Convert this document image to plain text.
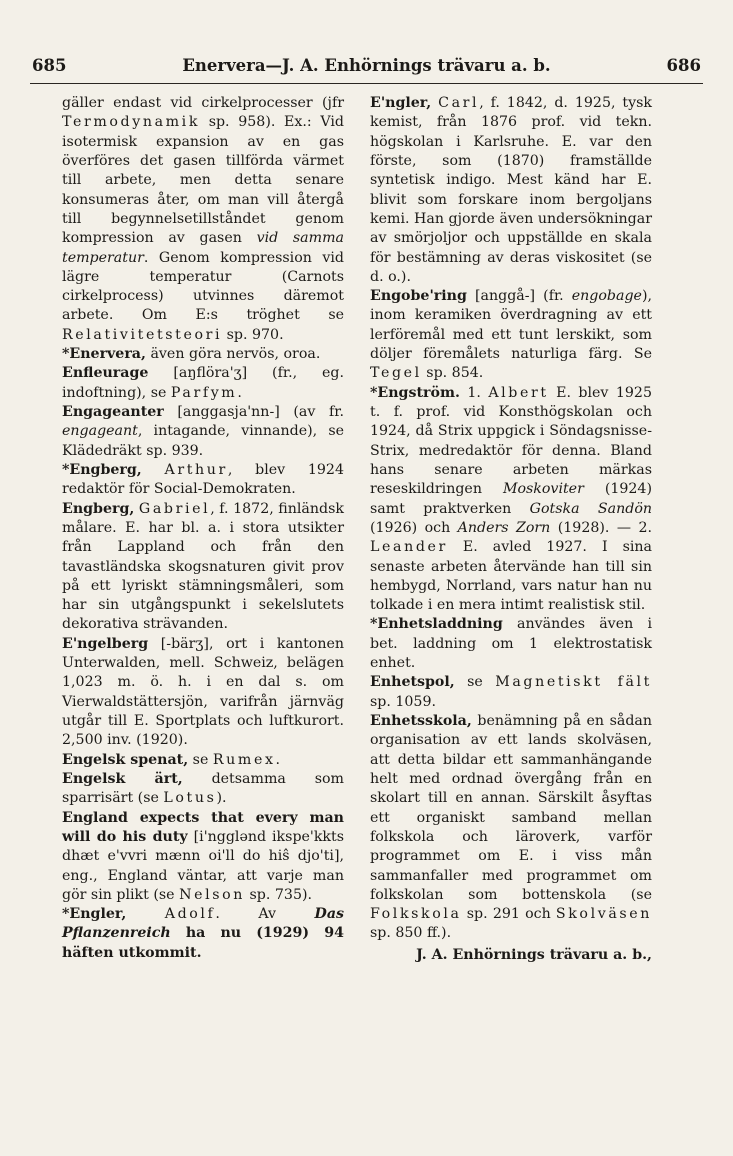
685	Enervera—J. A. Enhörnings trävaru a. b.	686

gäller endast vid cirkelprocesser (jfr Termodynamik sp. 958). Ex.: Vid isotermisk expansion av en gas överföres det gasen tillförda värmet till arbete, men detta senare konsumeras åter, om man vill återgå till begynnelsetillståndet genom kompression av gasen vid samma temperatur. Genom kompression vid lägre temperatur (Carnots cirkelprocess) utvinnes däremot arbete. Om E:s tröghet se Relativitetsteori sp. 970.

*Enervera, även göra nervös, oroa.

Enfleurage [aŋflöra'ʒ] (fr., eg. indoftning), se Parfym.

Engageanter [anggasja'nn-] (av fr. engageant, intagande, vinnande), se Klädedräkt sp. 939.

*Engberg, Arthur, blev 1924 redaktör för Social-Demokraten.

Engberg, Gabriel, f. 1872, finländsk målare. E. har bl. a. i stora utsikter från Lappland och från den tavastländska skogsnaturen givit prov på ett lyriskt stämningsmåleri, som har sin utgångspunkt i sekelslutets dekorativa strävanden.

E'ngelberg [-bärʒ], ort i kantonen Unterwalden, mell. Schweiz, belägen 1,023 m. ö. h. i en dal s. om Vierwaldstättersjön, varifrån järnväg utgår till E. Sportplats och luftkurort. 2,500 inv. (1920).

Engelsk spenat, se Rumex.

Engelsk ärt, detsamma som sparrisärt (se Lotus).

England expects that every man will do his duty [i'ngglənd ikspe'kkts dhæt e'vvri mænn oi'll do hiŝ djo'ti], eng., England väntar, att varje man gör sin plikt (se Nelson sp. 735).

*Engler,	Adolf. Av Das Pflanzenreich ha nu (1929) 94 häften utkommit.

E'ngler, Carl, f. 1842, d. 1925, tysk kemist, från 1876 prof. vid tekn. högskolan i Karlsruhe. E. var den förste, som (1870) framställde syntetisk indigo. Mest känd har E. blivit som forskare inom bergoljans kemi. Han gjorde även undersökningar av smörjoljor och uppställde en skala för bestämning av deras viskositet (se d. o.).

Engobe'ring [anggå-] (fr. engobage), inom keramiken överdragning av ett lerföremål med ett tunt lerskikt, som döljer föremålets naturliga färg. Se Tegel sp. 854.

*Engström. 1. Albert E. blev 1925 t. f. prof. vid Konsthögskolan och 1924, då Strix uppgick i Söndagsnisse-Strix, medredaktör för denna. Bland hans senare arbeten märkas reseskildringen Moskoviter (1924) samt praktverken Gotska Sandön (1926) och Anders Zorn (1928). — 2. Leander E. avled 1927. I sina senaste arbeten återvände han till sin hembygd, Norrland, vars natur han nu tolkade i en mera intimt realistisk stil.

*Enhetsladdning användes även i bet. laddning om 1 elektrostatisk enhet.

Enhetspol, se Magnetiskt fält sp. 1059.

Enhetsskola, benämning på en sådan organisation av ett lands skolväsen, att detta bildar ett sammanhängande helt med ordnad övergång från en skolart till en annan. Särskilt åsyftas ett organiskt samband mellan folkskola och läroverk, varför programmet om E. i viss mån sammanfaller med programmet om folkskolan som bottenskola (se Folkskola sp. 291 och Skolväsen sp. 850 ff.).

J. A. Enhörnings trävaru a. b.,
